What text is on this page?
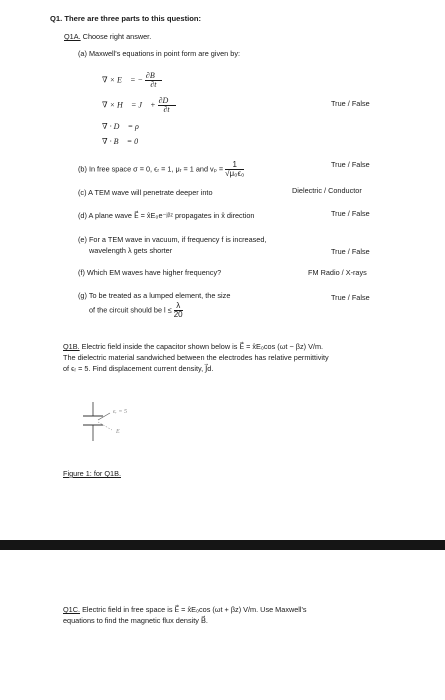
Q1. There are three parts to this question:
Q1A. Choose right answer.
(a) Maxwell's equations in point form are given by:
∇ × E⃗ = − $\frac{\partial B⃗}{\partial t}$
∇ × H⃗ = J⃗ + $\frac{\partial D⃗}{\partial t}$
∇ · D⃗ = ρ
∇ · B⃗ = 0
True / False
(b) In free space σ = 0, ϵᵣ = 1, μᵣ = 1 and $v_p = \frac{1}{\text{√μ₀ϵ₀}}$	True / False
(c) A TEM wave will penetrate deeper into	Dielectric / Conductor
(d) A plane wave E⃗ = x̂E₀e⁻ʲᵝᶻ propagates in x̂ direction	True / False
(e) For a TEM wave in vacuum, if frequency f is increased,
wavelength λ gets shorter	True / False
(f) Which EM waves have higher frequency?	FM Radio / X-rays
(g) To be treated as a lumped element, the size
of the circuit should be $l \le \frac{\lambda}{20}$
True / False
Q1B. Electric field inside the capacitor shown below is E⃗ = x̂E₀cos (ωt − βz) V/m.
The dielectric material sandwiched between the electrodes has relative permittivity
of ϵᵣ = 5. Find displacement current density, J⃗d.
ϵᵣ = 5
E⃗
Figure 1: for Q1B.
Q1C. Electric field in free space is E⃗ = x̂E₀cos (ωt + βz) V/m. Use Maxwell's
equations to find the magnetic flux density B⃗.
